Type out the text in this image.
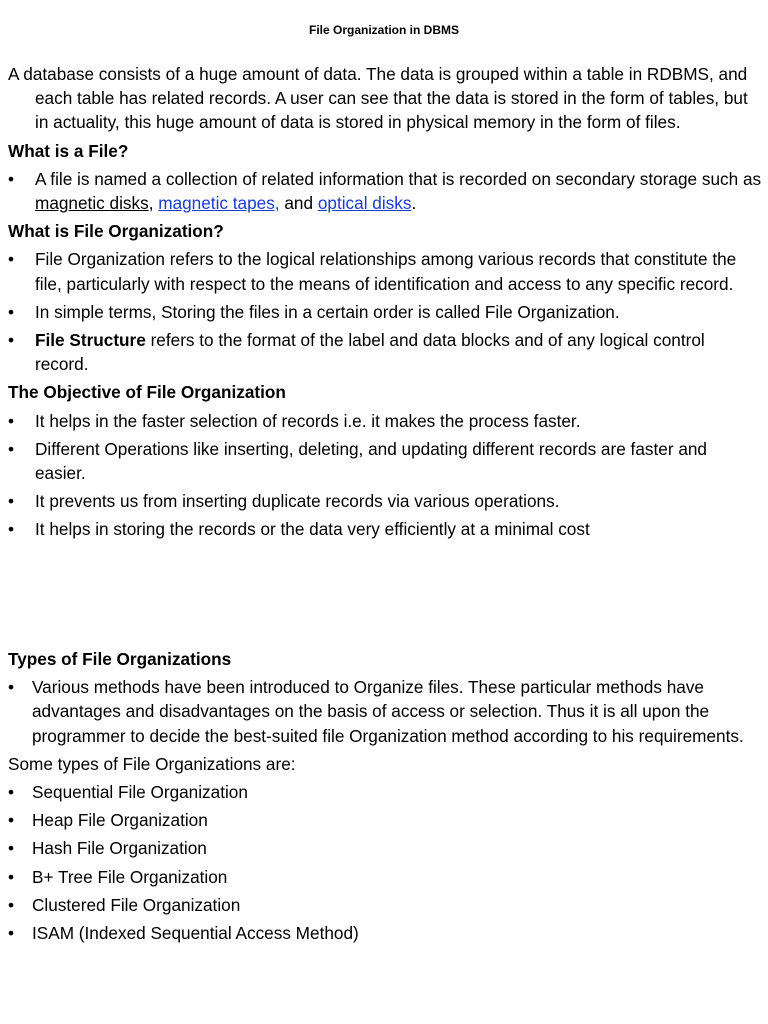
File Organization in DBMS

A database consists of a huge amount of data. The data is grouped within a table in RDBMS, and each table has related records. A user can see that the data is stored in the form of tables, but in actuality, this huge amount of data is stored in physical memory in the form of files.

What is a File?

• A file is named a collection of related information that is recorded on secondary storage such as magnetic disks, magnetic tapes, and optical disks.

What is File Organization?

• File Organization refers to the logical relationships among various records that constitute the file, particularly with respect to the means of identification and access to any specific record.
• In simple terms, Storing the files in a certain order is called File Organization.
• File Structure refers to the format of the label and data blocks and of any logical control record.

The Objective of File Organization

• It helps in the faster selection of records i.e. it makes the process faster.
• Different Operations like inserting, deleting, and updating different records are faster and easier.
• It prevents us from inserting duplicate records via various operations.
• It helps in storing the records or the data very efficiently at a minimal cost

Types of File Organizations

• Various methods have been introduced to Organize files. These particular methods have advantages and disadvantages on the basis of access or selection. Thus it is all upon the programmer to decide the best-suited file Organization method according to his requirements.

Some types of File Organizations are:

• Sequential File Organization
• Heap File Organization
• Hash File Organization
• B+ Tree File Organization
• Clustered File Organization
• ISAM (Indexed Sequential Access Method)
